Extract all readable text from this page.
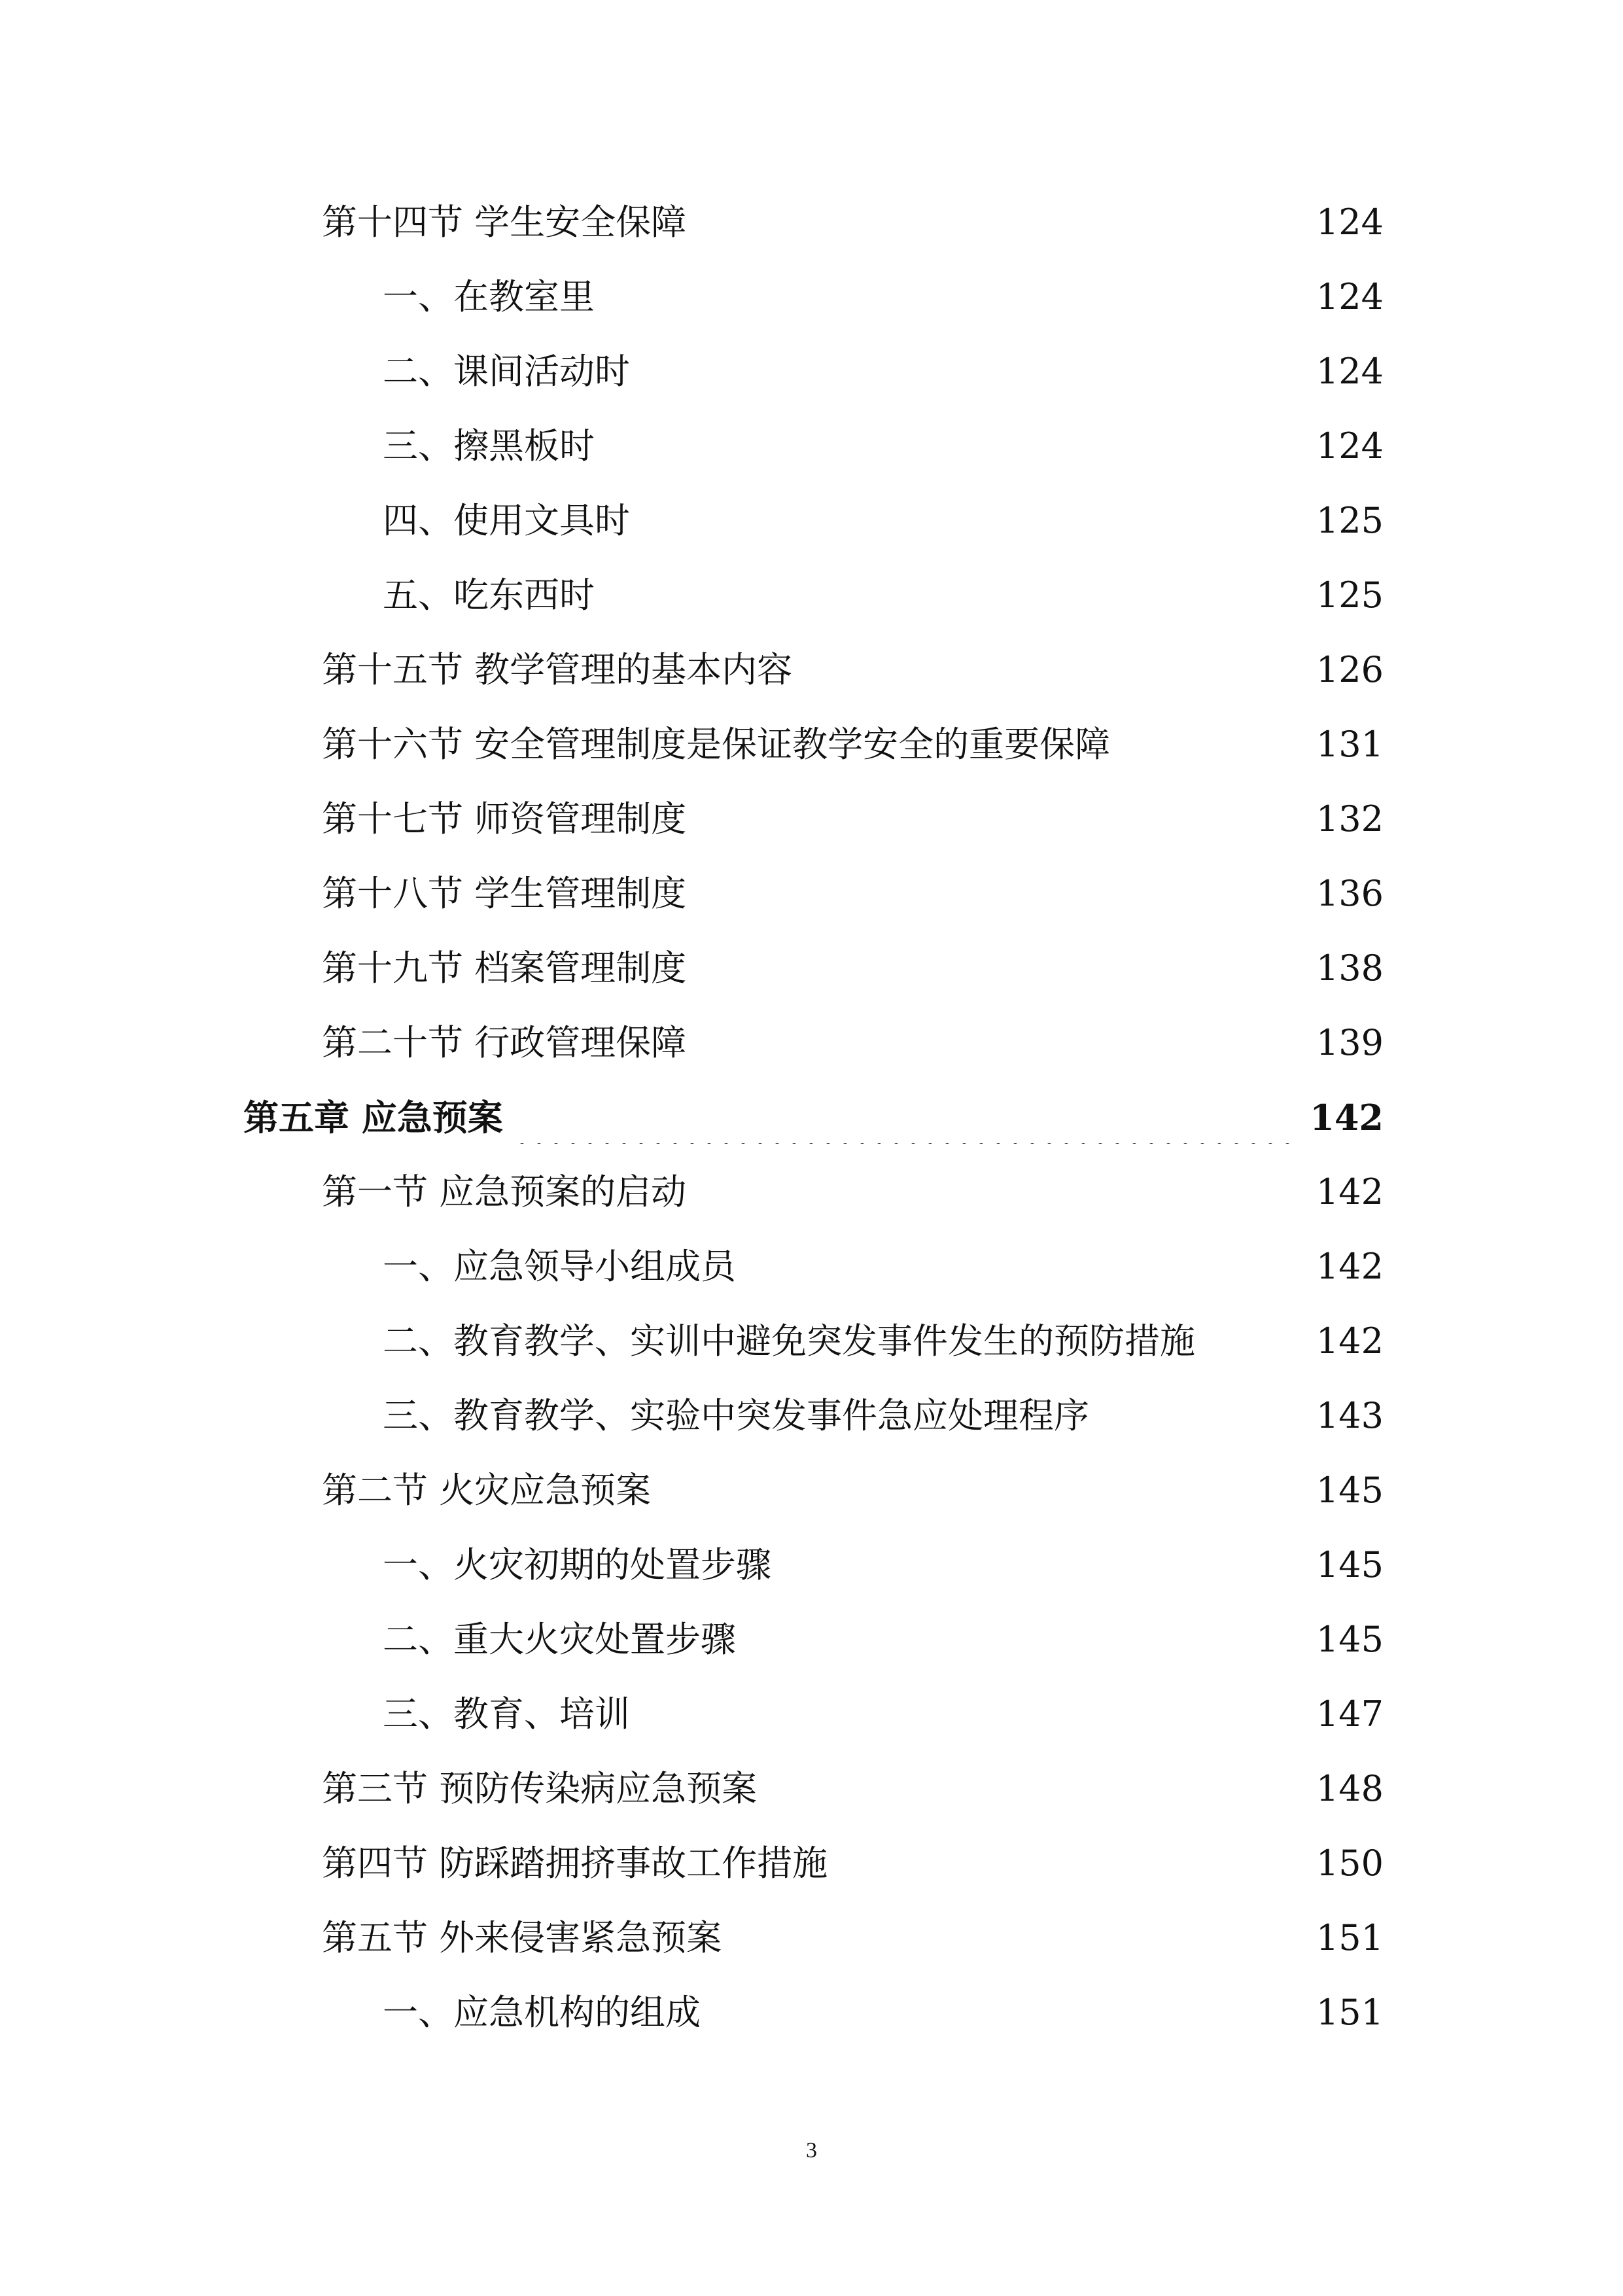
第十四节 学生安全保障	124
一、在教室里	124
二、课间活动时	124
三、擦黑板时	124
四、使用文具时	125
五、吃东西时	125
第十五节 教学管理的基本内容	126
第十六节 安全管理制度是保证教学安全的重要保障	131
第十七节 师资管理制度	132
第十八节 学生管理制度	136
第十九节 档案管理制度	138
第二十节 行政管理保障	139
第五章 应急预案	142
第一节 应急预案的启动	142
一、应急领导小组成员	142
二、教育教学、实训中避免突发事件发生的预防措施	142
三、教育教学、实验中突发事件急应处理程序	143
第二节 火灾应急预案	145
一、火灾初期的处置步骤	145
二、重大火灾处置步骤	145
三、教育、培训	147
第三节 预防传染病应急预案	148
第四节 防踩踏拥挤事故工作措施	150
第五节 外来侵害紧急预案	151
一、应急机构的组成	151
3
